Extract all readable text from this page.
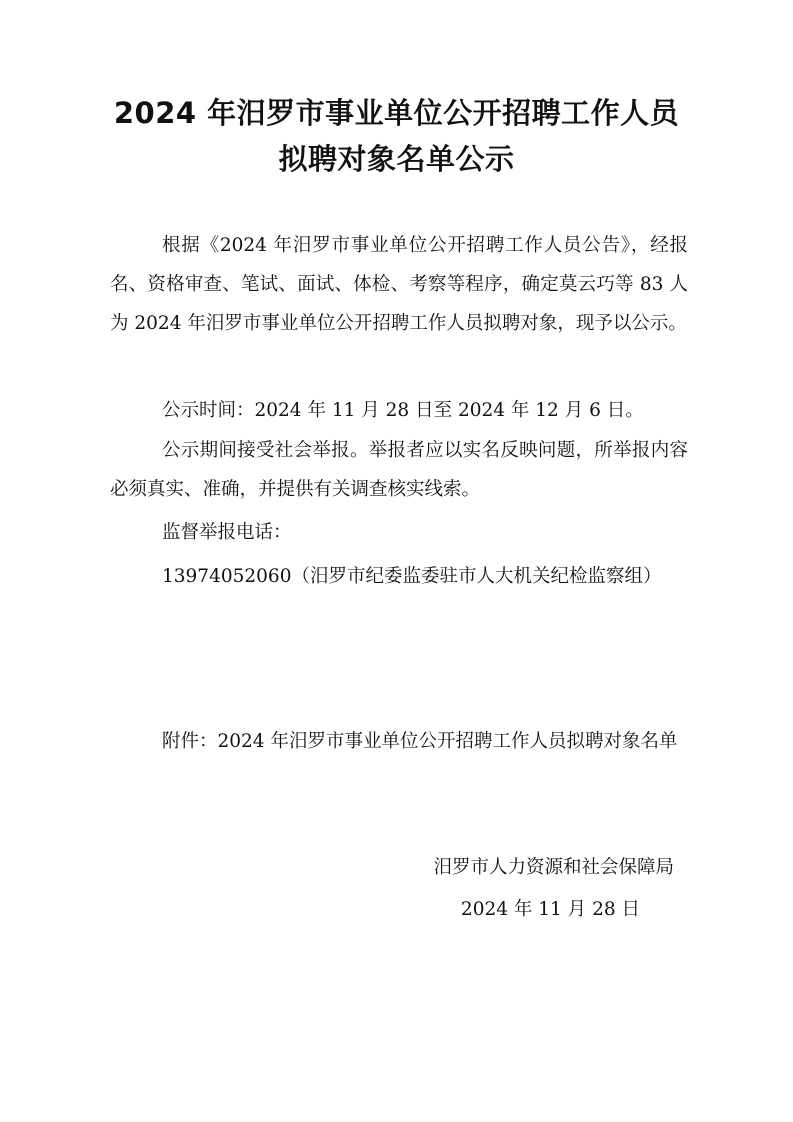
2024 年汨罗市事业单位公开招聘工作人员
拟聘对象名单公示

根据《2024 年汨罗市事业单位公开招聘工作人员公告》，经报名、资格审查、笔试、面试、体检、考察等程序，确定莫云巧等 83 人为 2024 年汨罗市事业单位公开招聘工作人员拟聘对象，现予以公示。

公示时间：2024 年 11 月 28 日至 2024 年 12 月 6 日。

公示期间接受社会举报。举报者应以实名反映问题，所举报内容必须真实、准确，并提供有关调查核实线索。

监督举报电话：

13974052060（汨罗市纪委监委驻市人大机关纪检监察组）

附件：2024 年汨罗市事业单位公开招聘工作人员拟聘对象名单

汨罗市人力资源和社会保障局
2024 年 11 月 28 日
